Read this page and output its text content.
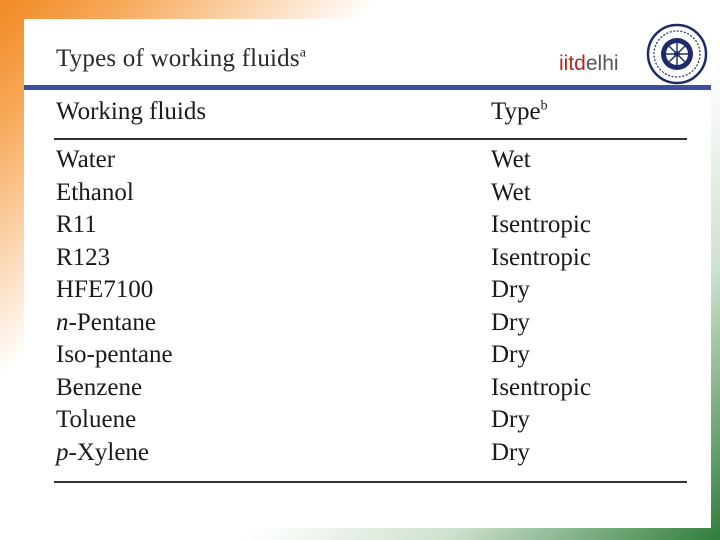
Types of working fluids$^a$	iitdelhi
Working fluids	Type$^b$
Water	Wet
Ethanol	Wet
R11	Isentropic
R123	Isentropic
HFE7100	Dry
n-Pentane	Dry
Iso-pentane	Dry
Benzene	Isentropic
Toluene	Dry
p-Xylene	Dry
